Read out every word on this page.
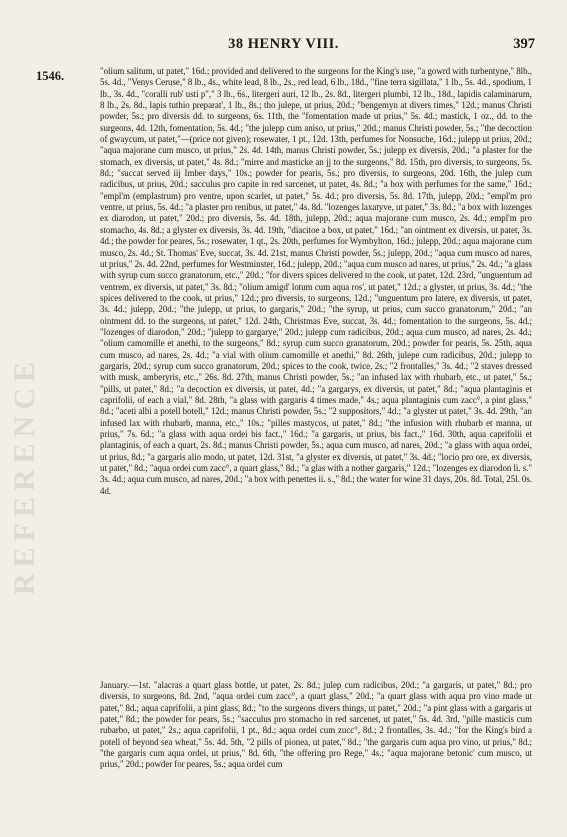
38 HENRY VIII.	397
1546.
REFERENCE

"olium salitum, ut patet," 16d.; provided and delivered to the surgeons for the King's use, "a gowrd with turbentyne," 8lb., 5s. 4d., "Venys Ceruse," 8 lb., 4s., white lead, 8 lb., 2s., red lead, 6 lb., 18d., "fine terra sigillata," 1 lb., 5s. 4d., spodium, 1 lb., 3s. 4d., "coralli rub' usti p"," 3 lb., 6s., litergeri auri, 12 lb., 2s. 8d., litergeri plumbi, 12 lb., 18d., lapidis calaminarum, 8 lb., 2s. 8d., lapis tuthio preparat', 1 lb., 8s.; tho julepe, ut prius, 20d.; "bengemyn at divers times," 12d.; manus Christi powder, 5s.; pro diversis dd. to surgeons, 6s. 11th, the "fomentation made ut prius," 5s. 4d.; mastick, 1 oz., dd. to the surgeons, 4d. 12th, fomentation, 5s. 4d.; "the julepp cum aniso, ut prius," 20d.; manus Christi powder, 5s.; "the decoction of gwaycum, ut patet,"—(price not given); rosewater, 1 pt., 12d. 13th, perfumes for Nonsuche, 16d.; julepp ut prius, 20d.; "aqua majorane cum musco, ut prius," 2s. 4d. 14th, manus Christi powder, 5s.; julepp ex diversis, 20d.; "a plaster for the stomach, ex diversis, ut patet," 4s. 8d.; "mirre and masticke an jj to the surgeons," 8d. 15th, pro diversis, to surgeons, 5s. 8d.; "succat served iij Imber days," 10s.; powder for pearis, 5s.; pro diversis, to surgeons, 20d. 16th, the julep cum radicibus, ut prius, 20d.; sacculus pro capite in red sarcenet, ut patet, 4s. 8d.; "a box with perfumes for the same," 16d.; "empl'm (emplastrum) pro ventre, upon scarlet, ut patet," 5s. 4d.; pro diversis, 5s. 8d. 17th, julepp, 20d.; "empl'm pro ventre, ut prius, 5s. 4d.; "a plaster pro renibus, ut patet," 4s. 8d. "lozenges laxatyve, ut patet," 3s. 8d.; "a box with lozenges ex diarodon, ut patet," 20d.; pro diversis, 5s. 4d. 18th, julepp, 20d.; aqua majorane cum musco, 2s. 4d.; empl'm pro stomacho, 4s. 8d.; a glyster ex diversis, 3s. 4d. 19th, "diacitoe a box, ut patet," 16d.; "an ointment ex diversis, ut patet, 3s. 4d.; the powder for peares, 5s.; rosewater, 1 qt., 2s. 20th, perfumes for Wymbylton, 16d.; julepp, 20d.; aqua majorane cum musco, 2s. 4d.; St. Thomas' Eve, succat, 3s. 4d. 21st, manus Christi powder, 5s.; julepp, 20d.; "aqua cum musco ad nares, ut prius," 2s. 4d. 22nd, perfumes for Westminster, 16d.; julepp, 20d.; "aqua cum musco ad nares, ut prius," 2s. 4d.; "a glass with syrup cum succo granatorum, etc.," 20d.; "for divers spices delivered to the cook, ut patet, 12d. 23rd, "unguentum ad ventrem, ex diversis, ut patet," 3s. 8d.; "olium amigd' lotum cum aqua ros', ut patet," 12d.; a glyster, ut prius, 3s. 4d.; "the spices delivered to the cook, ut prius," 12d.; pro diversis, to surgeons, 12d.; "unguentum pro latere, ex diversis, ut patet, 3s. 4d.; julepp, 20d.; "the julepp, ut prius, to gargaris," 20d.; "the syrup, ut prius, cum succo granatorum," 20d.; "an ointment dd. to the surgeons, ut patet," 12d. 24th, Christmas Eve, succat, 3s. 4d.; fomentation to the surgeons, 5s. 4d.; "lozenges of diarodon," 20d.; "julepp to gargarye," 20d.; julepp cum radicibus, 20d.; aqua cum musco, ad nares, 2s. 4d.; "olium camomille et anethi, to the surgeons," 8d.; syrup cum succo granatorum, 20d.; powder for pearis, 5s. 25th, aqua cum musco, ad nares, 2s. 4d.; "a vial with olium camomille et anethi," 8d. 26th, julepe cum radicibus, 20d.; julepp to gargaris, 20d.; syrup cum succo granatorum, 20d.; spices to the cook, twice, 2s.; "2 frontalles," 3s. 4d.; "2 staves dressed with musk, amberyris, etc.," 26s. 8d. 27th, manus Christi powder, 5s.; "an infused lax with rhubarb, etc., ut patet," 5s.; "pills, ut patet," 8d.; "a decoction ex diversis, ut patet, 4d.; "a gargarys, ex diversis, ut patet," 8d.; "aqua plantaginis et caprifolii, of each a vial," 8d. 28th, "a glass with gargaris 4 times made," 4s.; aqua plantaginis cum zacc°, a pint glass," 8d.; "aceti albi a potell botell," 12d.; manus Christi powder, 5s.; "2 suppositors," 4d.; "a glyster ut patet," 3s. 4d. 29th, "an infused lax with rhubarb, manna, etc.," 10s.; "pilles mastycos, ut patet," 8d.; "the infusion with rhubarb et manna, ut prius," 7s. 6d.; "a glass with aqua ordei bis fact.," 16d.; "a gargaris, ut prius, bis fact.," 16d. 30th, aqua caprifolii et plantaginis, of each a quart, 2s. 8d.; manus Christi powder, 5s.; aqua cum musco, ad nares, 20d.; "a glass with aqua ordei, ut prius, 8d.; "a gargaris alio modo, ut patet, 12d. 31st, "a glyster ex diversis, ut patet," 3s. 4d.; "locio pro ore, ex diversis, ut patet," 8d.; "aqua ordei cum zacc°, a quart glass," 8d.; "a glas with a nother gargaris," 12d.; "lozenges ex diarodon li. s." 3s. 4d.; aqua cum musco, ad nares, 20d.; "a box with penettes ii. s.," 8d.; the water for wine 31 days, 20s. 8d. Total, 25l. 0s. 4d.

January.—1st. "alacras a quart glass bottle, ut patet, 2s. 8d.; julep cum radicibus, 20d.; "a gargaris, ut patet," 8d.; pro diversis, to surgeons, 8d. 2nd, "aqua ordei cum zacc°, a quart glass," 20d.; "a quart glass with aqua pro vino made ut patet," 8d.; aqua caprifolii, a pint glass, 8d.; "to the surgeons divers things, ut patet," 20d.; "a pint glass with a gargaris ut patet," 8d.; the powder for pears, 5s.; "sacculus pro stomacho in red sarcenet, ut patet," 5s. 4d. 3rd, "pille masticis cum rubarbo, ut patet," 2s.; aqua caprifolii, 1 pt., 8d.; aqua ordei cum zucc°, 8d.; 2 frontalles, 3s. 4d.; "for the King's bird a potell of beyond sea wheat," 5s. 4d. 5th, "2 pills of pionea, ut patet," 8d.; "the gargaris cum aqua pro vino, ut prius," 8d.; "the gargaris cum aqua ordei, ut prius," 8d. 6th, "the offering pro Rege," 4s.; "aqua majorane betonic' cum musco, ut prius," 20d.; powder for peares, 5s.; aqua ordei cum
